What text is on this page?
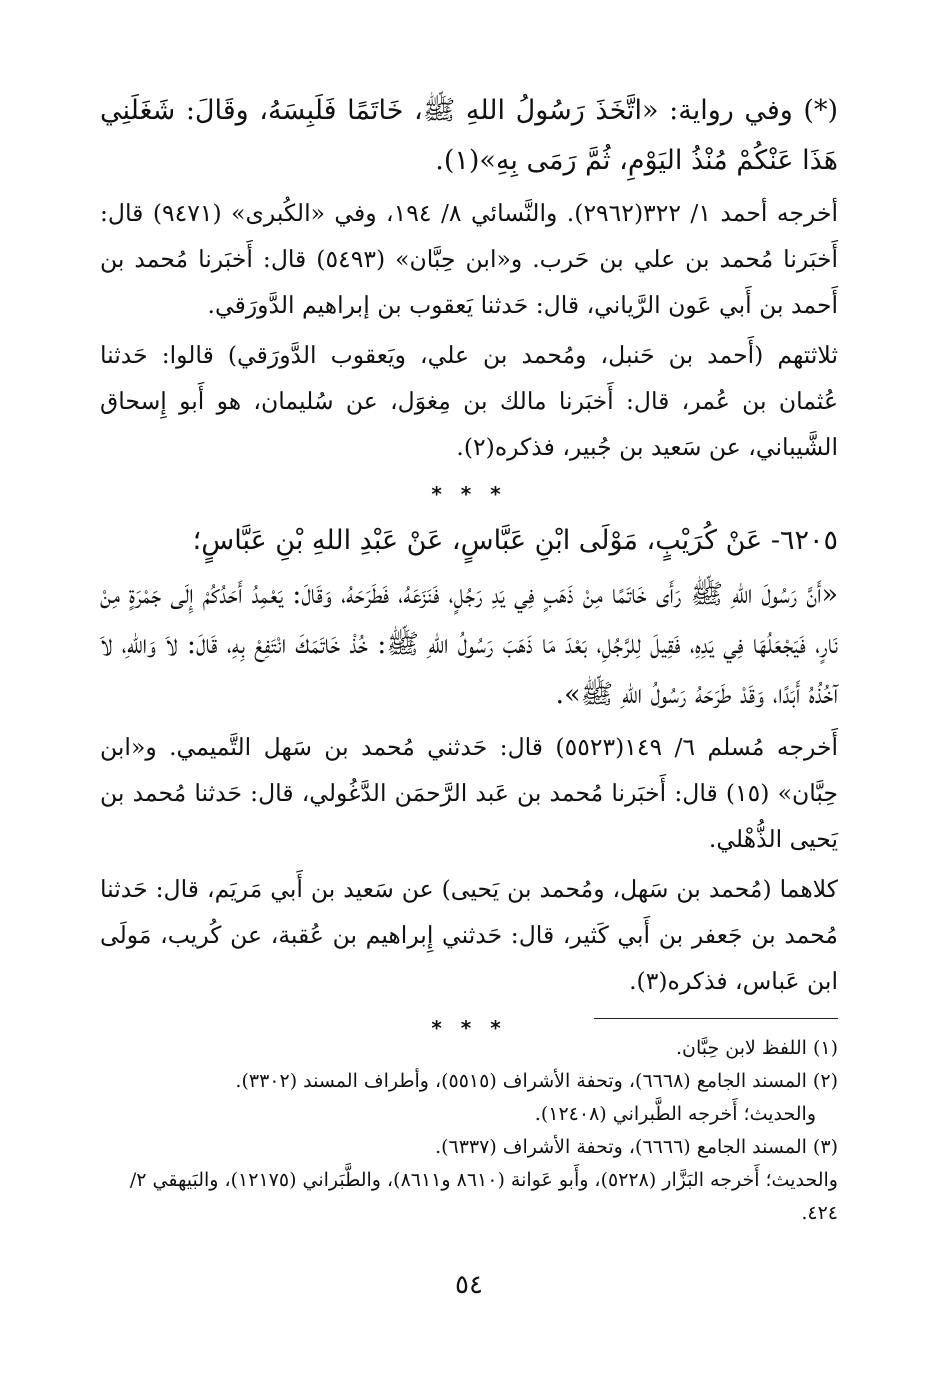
(*) وفي رواية: «اتَّخَذَ رَسُولُ اللهِ ﷺ، خَاتَمًا فَلَبِسَهُ، وقَالَ: شَغَلَنِي هَذَا عَنْكُمْ مُنْذُ اليَوْمِ، ثُمَّ رَمَى بِهِ»(١).

أخرجه أحمد ١/ ٣٢٢(٢٩٦٢). والنَّسائي ٨/ ١٩٤، وفي «الكُبرى» (٩٤٧١) قال: أَخبَرنا مُحمد بن علي بن حَرب. و«ابن حِبَّان» (٥٤٩٣) قال: أَخبَرنا مُحمد بن أَحمد بن أَبي عَون الرَّياني، قال: حَدثنا يَعقوب بن إبراهيم الدَّورَقي.

ثلاثتهم (أَحمد بن حَنبل، ومُحمد بن علي، ويَعقوب الدَّورَقي) قالوا: حَدثنا عُثمان بن عُمر، قال: أَخبَرنا مالك بن مِغوَل، عن سُليمان، هو أَبو إِسحاق الشَّيباني، عن سَعيد بن جُبير، فذكره(٢).

* * *

٦٢٠٥- عَنْ كُرَيْبٍ، مَوْلَى ابْنِ عَبَّاسٍ، عَنْ عَبْدِ اللهِ بْنِ عَبَّاسٍ؛

«أَنَّ رَسُولَ اللهِ ﷺ رَأَى خَاتَمًا مِنْ ذَهَبٍ فِي يَدِ رَجُلٍ، فَنَزَعَهُ، فَطَرَحَهُ، وَقَالَ: يَعْمِدُ أَحَدُكُمْ إِلَى جَمْرَةٍ مِنْ نَارٍ، فَيَجْعَلُهَا فِي يَدِهِ، فَقِيلَ لِلرَّجُلِ، بَعْدَ مَا ذَهَبَ رَسُولُ اللهِ ﷺ: خُذْ خَاتَمَكَ انْتَفِعْ بِهِ، قَالَ: لاَ وَاللهِ، لاَ آخُذُهُ أَبَدًا، وَقَدْ طَرَحَهُ رَسُولُ اللهِ ﷺ».

أَخرجه مُسلم ٦/ ١٤٩(٥٥٢٣) قال: حَدثني مُحمد بن سَهل التَّميمي. و«ابن حِبَّان» (١٥) قال: أَخبَرنا مُحمد بن عَبد الرَّحمَن الدَّغُولي، قال: حَدثنا مُحمد بن يَحيى الذُّهْلي.

كلاهما (مُحمد بن سَهل، ومُحمد بن يَحيى) عن سَعيد بن أَبي مَريَم، قال: حَدثنا مُحمد بن جَعفر بن أَبي كَثير، قال: حَدثني إِبراهيم بن عُقبة، عن كُريب، مَولَى ابن عَباس، فذكره(٣).

* * *

(١) اللفظ لابن حِبَّان.

(٢) المسند الجامع (٦٦٦٨)، وتحفة الأشراف (٥٥١٥)، وأطراف المسند (٣٣٠٢).

والحديث؛ أَخرجه الطَّبراني (١٢٤٠٨).

(٣) المسند الجامع (٦٦٦٦)، وتحفة الأشراف (٦٣٣٧).

والحديث؛ أَخرجه البَزَّار (٥٢٢٨)، وأَبو عَوانة (٨٦١٠ و٨٦١١)، والطَّبَراني (١٢١٧٥)، والبَيهقي ٢/ ٤٢٤.

٥٤
